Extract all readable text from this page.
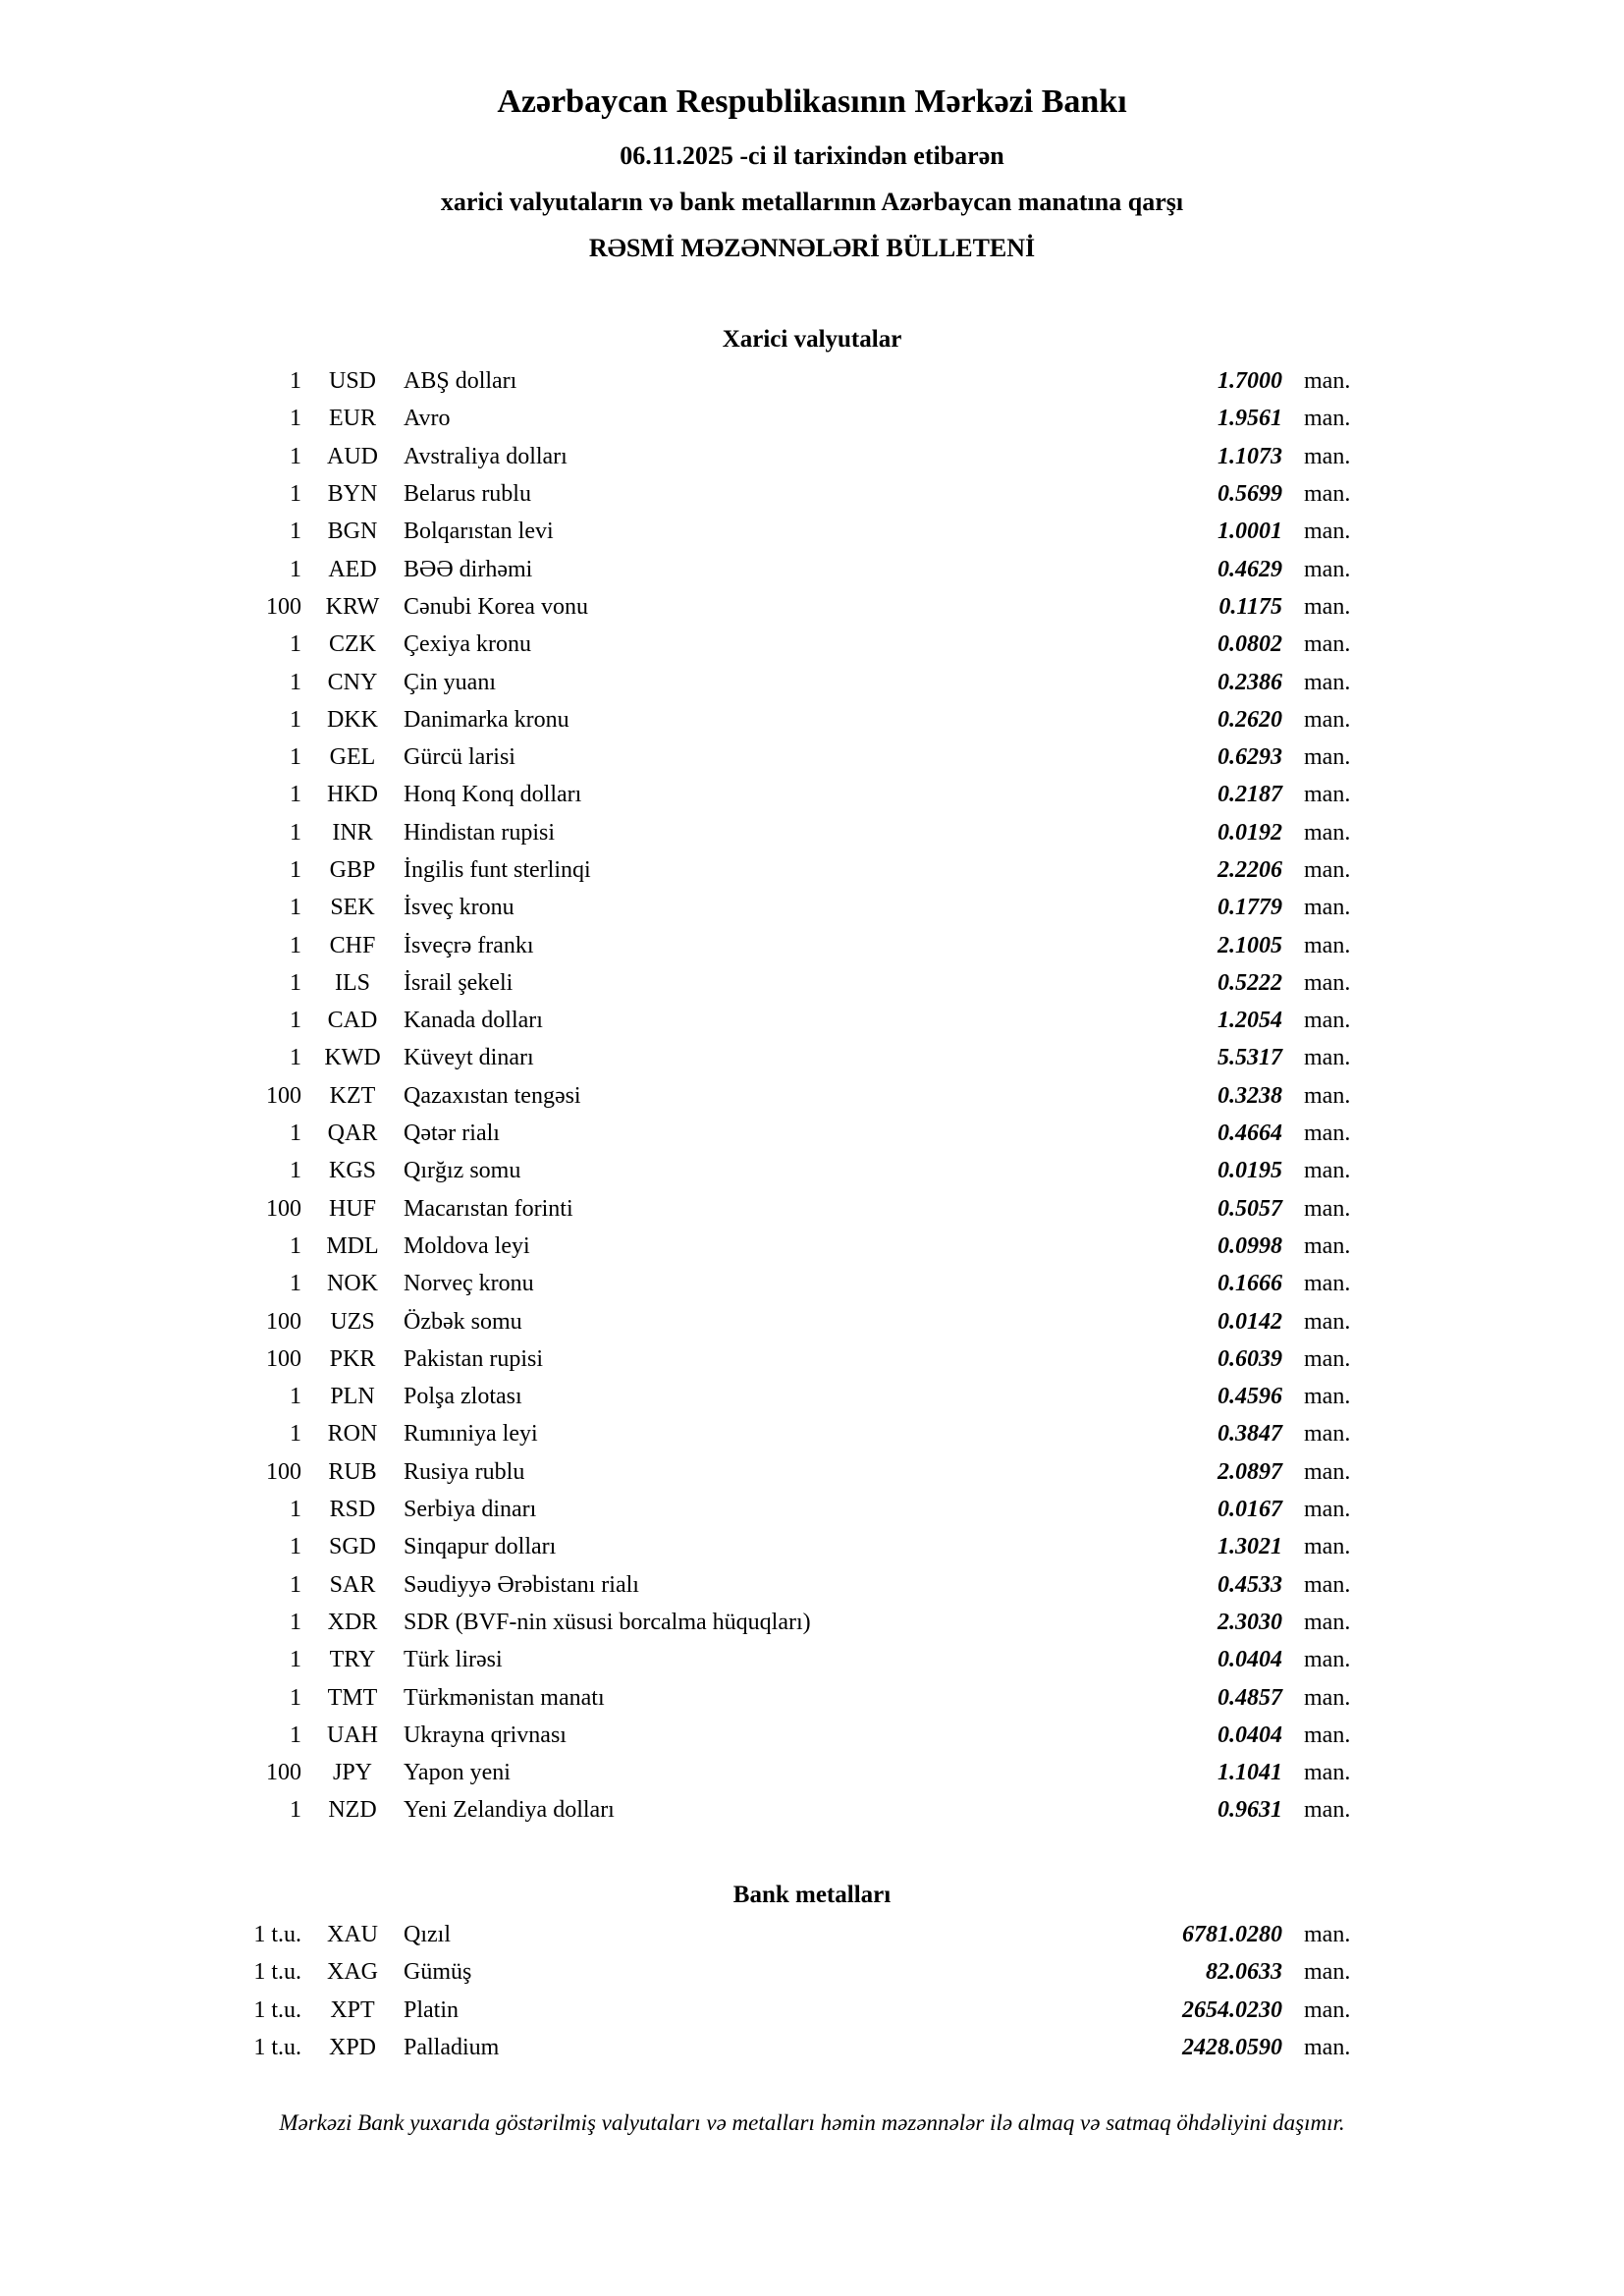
Azərbaycan Respublikasının Mərkəzi Bankı
06.11.2025 -ci il tarixindən etibarən
xarici valyutaların və bank metallarının Azərbaycan manatına qarşı
RƏSMİ MƏZƏNNƏLƏRİ BÜLLETENİ
Xarici valyutalar
1	USD	ABŞ dolları	1.7000 man.
1	EUR	Avro	1.9561 man.
1	AUD	Avstraliya dolları	1.1073 man.
1	BYN	Belarus rublu	0.5699 man.
1	BGN	Bolqarıstan levi	1.0001 man.
1	AED	BƏƏ dirhəmi	0.4629 man.
100	KRW	Cənubi Korea vonu	0.1175 man.
1	CZK	Çexiya kronu	0.0802 man.
1	CNY	Çin yuanı	0.2386 man.
1	DKK	Danimarka kronu	0.2620 man.
1	GEL	Gürcü larisi	0.6293 man.
1	HKD	Honq Konq dolları	0.2187 man.
1	INR	Hindistan rupisi	0.0192 man.
1	GBP	İngilis funt sterlinqi	2.2206 man.
1	SEK	İsveç kronu	0.1779 man.
1	CHF	İsveçrə frankı	2.1005 man.
1	ILS	İsrail şekeli	0.5222 man.
1	CAD	Kanada dolları	1.2054 man.
1 KWD Küveyt dinarı	5.5317 man.
100	KZT	Qazaxıstan tengəsi	0.3238 man.
1	QAR	Qətər rialı	0.4664 man.
1	KGS	Qırğız somu	0.0195 man.
100	HUF	Macarıstan forinti	0.5057 man.
1	MDL	Moldova leyi	0.0998 man.
1	NOK	Norveç kronu	0.1666 man.
100	UZS	Özbək somu	0.0142 man.
100	PKR	Pakistan rupisi	0.6039 man.
1	PLN	Polşa zlotası	0.4596 man.
1	RON	Rumıniya leyi	0.3847 man.
100	RUB	Rusiya rublu	2.0897 man.
1	RSD	Serbiya dinarı	0.0167 man.
1	SGD	Sinqapur dolları	1.3021 man.
1	SAR	Səudiyyə Ərəbistanı rialı	0.4533 man.
1	XDR	SDR (BVF-nin xüsusi borcalma hüquqları)	2.3030 man.
1	TRY	Türk lirəsi	0.0404 man.
1	TMT	Türkmənistan manatı	0.4857 man.
1	UAH	Ukrayna qrivnası	0.0404 man.
100	JPY	Yapon yeni	1.1041 man.
1	NZD	Yeni Zelandiya dolları	0.9631 man.
Bank metalları
1 t.u.	XAU	Qızıl	6781.0280 man.
1 t.u.	XAG	Gümüş	82.0633 man.
1 t.u.	XPT	Platin	2654.0230 man.
1 t.u.	XPD	Palladium	2428.0590 man.
Mərkəzi Bank yuxarıda göstərilmiş valyutaları və metalları həmin məzənnələr ilə almaq və satmaq öhdəliyini daşımır.
